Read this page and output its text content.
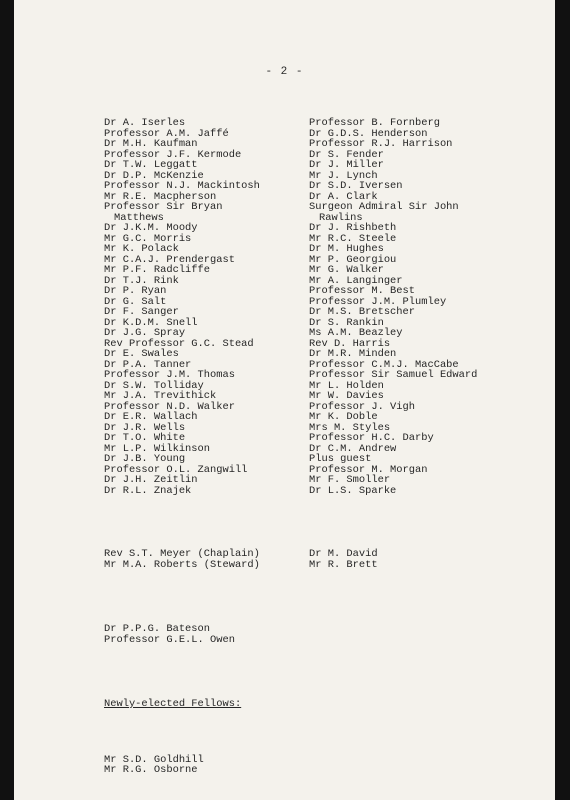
- 2 -

Dr A. Iserles
Professor A.M. Jaffé
Dr M.H. Kaufman
Professor J.F. Kermode
Dr T.W. Leggatt
Dr D.P. McKenzie
Professor N.J. Mackintosh
Mr R.E. Macpherson
Professor Sir Bryan
Matthews
Dr J.K.M. Moody
Mr G.C. Morris
Mr K. Polack
Mr C.A.J. Prendergast
Mr P.F. Radcliffe
Dr T.J. Rink
Dr P. Ryan
Dr G. Salt
Dr F. Sanger
Dr K.D.M. Snell
Dr J.G. Spray
Rev Professor G.C. Stead
Dr E. Swales
Dr P.A. Tanner
Professor J.M. Thomas
Dr S.W. Tolliday
Mr J.A. Trevithick
Professor N.D. Walker
Dr E.R. Wallach
Dr J.R. Wells
Dr T.O. White
Mr L.P. Wilkinson
Dr J.B. Young
Professor O.L. Zangwill
Dr J.H. Zeitlin
Dr R.L. Znajek

Rev S.T. Meyer (Chaplain)
Mr M.A. Roberts (Steward)

Dr P.P.G. Bateson
Professor G.E.L. Owen

Newly-elected Fellows:

Mr S.D. Goldhill
Mr R.G. Osborne

Professor B. Fornberg
Dr G.D.S. Henderson
Professor R.J. Harrison
Dr S. Fender
Dr J. Miller
Mr J. Lynch
Dr S.D. Iversen
Dr A. Clark
Surgeon Admiral Sir John
Rawlins
Dr J. Rishbeth
Mr R.C. Steele
Dr M. Hughes
Mr P. Georgiou
Mr G. Walker
Mr A. Langinger
Professor M. Best
Professor J.M. Plumley
Dr M.S. Bretscher
Dr S. Rankin
Ms A.M. Beazley
Rev D. Harris
Dr M.R. Minden
Professor C.M.J. MacCabe
Professor Sir Samuel Edward
Mr L. Holden
Mr W. Davies
Professor J. Vigh
Mr K. Doble
Mrs M. Styles
Professor H.C. Darby
Dr C.M. Andrew
Plus guest
Professor M. Morgan
Mr F. Smoller
Dr L.S. Sparke

Dr M. David
Mr R. Brett
